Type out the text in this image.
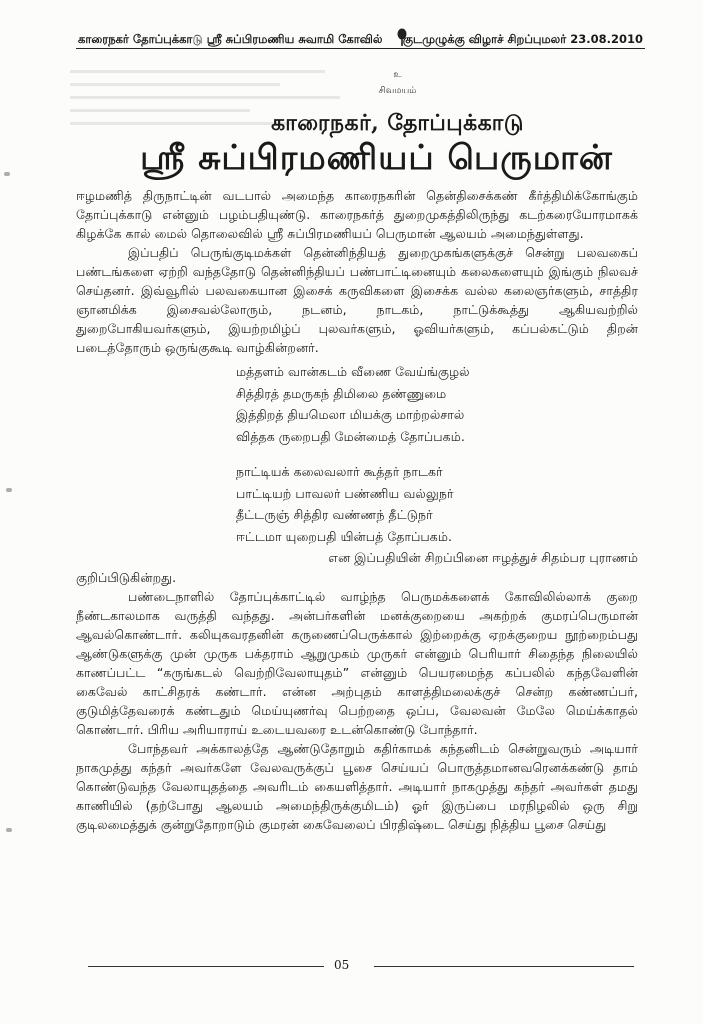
காரைநகர் தோப்புக்காடு ஸ்ரீ சுப்பிரமணிய சுவாமி கோவில் குடமுழுக்கு விழாச் சிறப்புமலர் 23.08.2010
உ
சிவமயம்
காரைநகர், தோப்புக்காடு
ஸ்ரீ சுப்பிரமணியப் பெருமான்

ஈழமணித் திருநாட்டின் வடபால் அமைந்த காரைநகரின் தென்திசைக்கண் கீர்த்திமிக்கோங்கும் தோப்புக்காடு என்னும் பழம்பதியுண்டு. காரைநகர்த் துறைமுகத்திலிருந்து கடற்கரையோரமாகக் கிழக்கே கால் மைல் தொலைவில் ஸ்ரீ சுப்பிரமணியப் பெருமான் ஆலயம் அமைந்துள்ளது.

இப்பதிப் பெருங்குடிமக்கள் தென்னிந்தியத் துறைமுகங்களுக்குச் சென்று பலவகைப் பண்டங்களை ஏற்றி வந்ததோடு தென்னிந்தியப் பண்பாட்டினையும் கலைகளையும் இங்கும் நிலவச் செய்தனர். இவ்வூரில் பலவகையான இசைக் கருவிகளை இசைக்க வல்ல கலைஞர்களும், சாத்திர ஞானமிக்க இசைவல்லோரும், நடனம், நாடகம், நாட்டுக்கூத்து ஆகியவற்றில் துறைபோகியவர்களும், இயற்றமிழ்ப் புலவர்களும், ஓவியர்களும், கப்பல்கட்டும் திறன் படைத்தோரும் ஒருங்குகூடி வாழ்கின்றனர்.

மத்தளம் வான்கடம் வீணை வேய்ங்குழல்
சித்திரத் தமருகந் திமிலை தண்ணுமை
இத்திறத் தியமெலா மியக்கு மாற்றல்சால்
வித்தக ருறைபதி மேன்மைத் தோப்பகம்.
நாட்டியக் கலைவலார் கூத்தர் நாடகர்
பாட்டியற் பாவலர் பண்ணிய வல்லுநர்
தீட்டருஞ் சித்திர வண்ணந் தீட்டுநர்
ஈட்டமா யுறைபதி யின்பத் தோப்பகம்.

என இப்பதியின் சிறப்பினை ஈழத்துச் சிதம்பர புராணம்

குறிப்பிடுகின்றது.

பண்டைநாளில் தோப்புக்காட்டில் வாழ்ந்த பெருமக்களைக் கோவிலில்லாக் குறை நீண்டகாலமாக வருத்தி வந்தது. அன்பர்களின் மனக்குறையை அகற்றக் குமரப்பெருமான் ஆவல்கொண்டார். கலியுகவரதனின் கருணைப்பெருக்கால் இற்றைக்கு ஏறக்குறைய நூற்றைம்பது ஆண்டுகளுக்கு முன் முருக பக்தராம் ஆறுமுகம் முருகர் என்னும் பெரியார் சிதைந்த நிலையில் காணப்பட்ட “கருங்கடல் வெற்றிவேலாயுதம்” என்னும் பெயரமைந்த கப்பலில் கந்தவேளின் கைவேல் காட்சிதரக் கண்டார். என்ன அற்புதம் காளத்திமலைக்குச் சென்ற கண்ணப்பர், குடுமித்தேவரைக் கண்டதும் மெய்யுணர்வு பெற்றதை ஒப்ப, வேலவன் மேலே மெய்க்காதல் கொண்டார். பிரிய அரியாராய் உடையவரை உடன்கொண்டு போந்தார்.

போந்தவர் அக்காலத்தே ஆண்டுதோறும் கதிர்காமக் கந்தனிடம் சென்றுவரும் அடியார் நாகமுத்து கந்தர் அவர்களே வேலவருக்குப் பூசை செய்யப் பொருத்தமானவரெனக்கண்டு தாம் கொண்டுவந்த வேலாயுதத்தை அவரிடம் கையளித்தார். அடியார் நாகமுத்து கந்தர் அவர்கள் தமது காணியில் (தற்போது ஆலயம் அமைந்திருக்குமிடம்) ஓர் இருப்பை மரநிழலில் ஒரு சிறு குடிலமைத்துக் குன்றுதோறாடும் குமரன் கைவேலைப் பிரதிஷ்டை செய்து நித்திய பூசை செய்து

05
